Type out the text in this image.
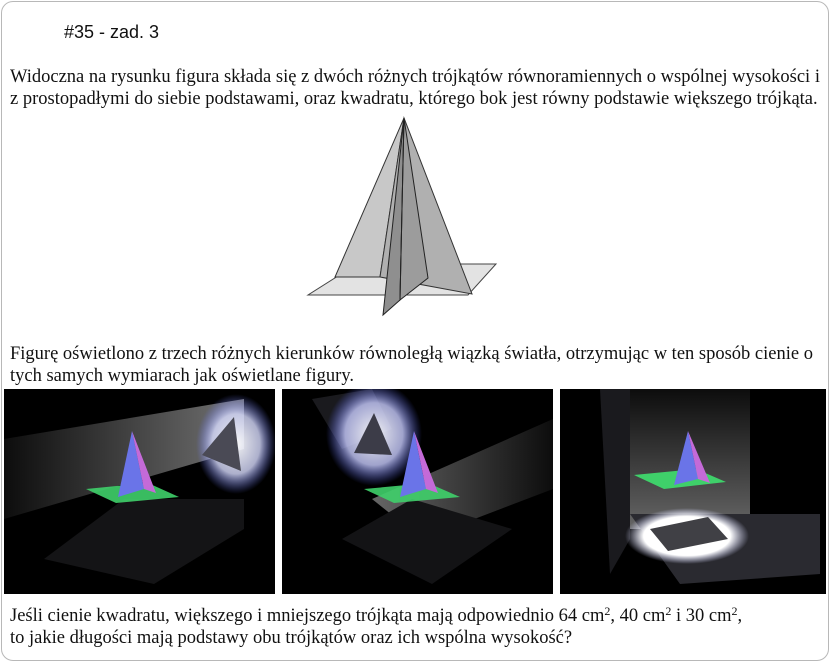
#35 - zad. 3

Widoczna na rysunku figura składa się z dwóch różnych trójkątów równoramiennych o wspólnej wysokości i z prostopadłymi do siebie podstawami, oraz kwadratu, którego bok jest równy podstawie większego trójkąta.

Figurę oświetlono z trzech różnych kierunków równoległą wiązką światła, otrzymując w ten sposób cienie o tych samych wymiarach jak oświetlane figury.

Jeśli cienie kwadratu, większego i mniejszego trójkąta mają odpowiednio 64 $cm^2$, 40 $cm^2$ i 30 $cm^2$,
to jakie długości mają podstawy obu trójkątów oraz ich wspólna wysokość?
